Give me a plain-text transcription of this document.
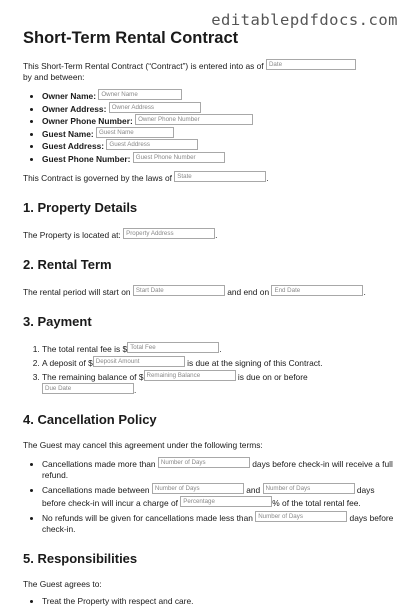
editablepdfdocs.com
Short-Term Rental Contract

This Short-Term Rental Contract (“Contract”) is entered into as of Date
by and between:

• Owner Name: Owner Name
• Owner Address: Owner Address
• Owner Phone Number: Owner Phone Number
• Guest Name: Guest Name
• Guest Address: Guest Address
• Guest Phone Number: Guest Phone Number

This Contract is governed by the laws of State	.

1. Property Details

The Property is located at: Property Address	.

2. Rental Term

The rental period will start on Start Date	and end on End Date	.

3. Payment
1. The total rental fee is $ Total Fee	.
2. A deposit of $ Deposit Amount	is due at the signing of this Contract.
3. The remaining balance of $ Remaining Balance	is due on or before
Due Date	.
4. Cancellation Policy

The Guest may cancel this agreement under the following terms:

• Cancellations made more than Number of Days	days before check-in will receive a full refund.
• Cancellations made between Number of Days	and Number of Days	days before check-in will incur a charge of Percentage	% of the total rental fee.
• No refunds will be given for cancellations made less than Number of Days	days before check-in.
5. Responsibilities

The Guest agrees to:

• Treat the Property with respect and care.
